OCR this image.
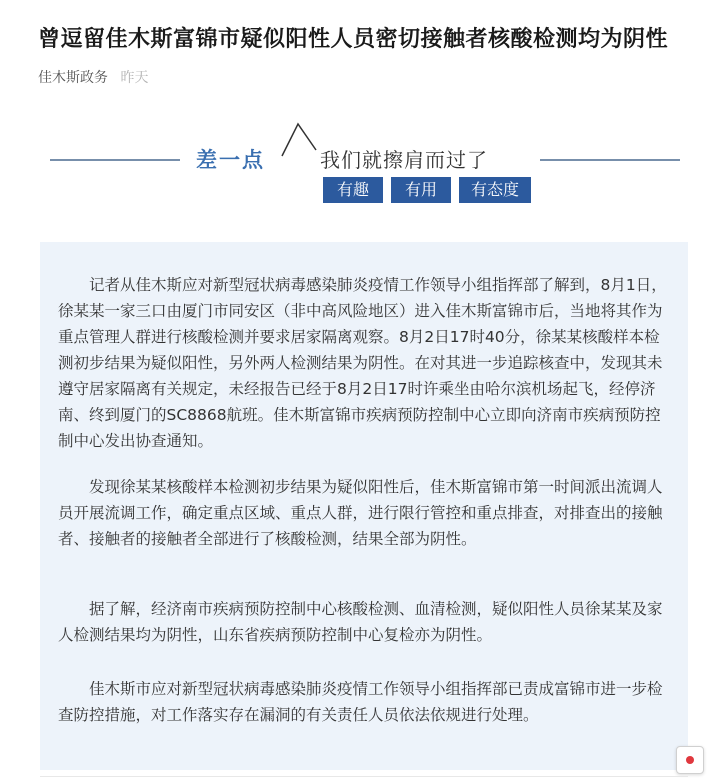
曾逗留佳木斯富锦市疑似阳性人员密切接触者核酸检测均为阴性
佳木斯政务 昨天
差一点	我们就擦肩而过了
有趣	有用	有态度

记者从佳木斯应对新型冠状病毒感染肺炎疫情工作领导小组指挥部了解到，8月1日，徐某某一家三口由厦门市同安区（非中高风险地区）进入佳木斯富锦市后，当地将其作为重点管理人群进行核酸检测并要求居家隔离观察。8月2日17时40分，徐某某核酸样本检测初步结果为疑似阳性，另外两人检测结果为阴性。在对其进一步追踪核查中，发现其未遵守居家隔离有关规定，未经报告已经于8月2日17时许乘坐由哈尔滨机场起飞，经停济南、终到厦门的SC8868航班。佳木斯富锦市疾病预防控制中心立即向济南市疾病预防控制中心发出协查通知。

发现徐某某核酸样本检测初步结果为疑似阳性后，佳木斯富锦市第一时间派出流调人员开展流调工作，确定重点区域、重点人群，进行限行管控和重点排查，对排查出的接触者、接触者的接触者全部进行了核酸检测，结果全部为阴性。

据了解，经济南市疾病预防控制中心核酸检测、血清检测，疑似阳性人员徐某某及家人检测结果均为阴性，山东省疾病预防控制中心复检亦为阴性。

佳木斯市应对新型冠状病毒感染肺炎疫情工作领导小组指挥部已责成富锦市进一步检查防控措施，对工作落实存在漏洞的有关责任人员依法依规进行处理。
